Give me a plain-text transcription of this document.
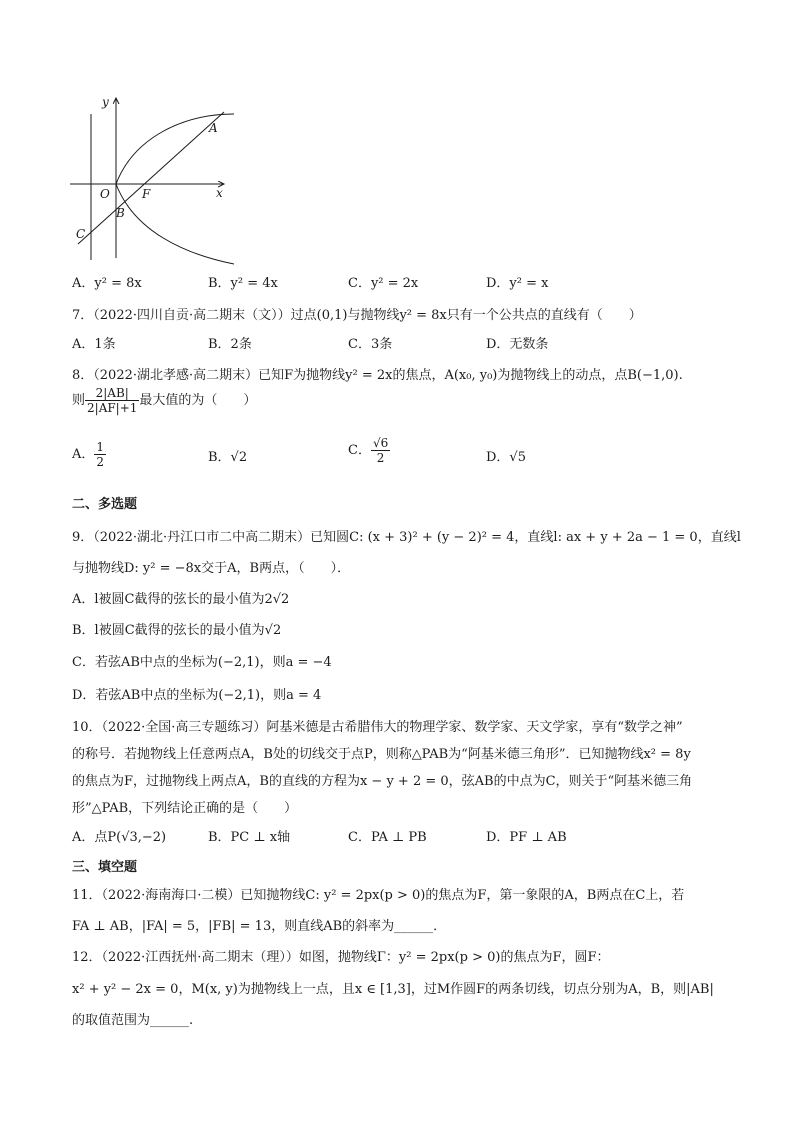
y
x
O	F
A
B
C
A．y² = 8x	B．y² = 4x	C．y² = 2x	D．y² = x
7．（2022·四川自贡·高二期末（文））过点(0,1)与抛物线y² = 8x只有一个公共点的直线有（　　）
A．1条	B．2条	C．3条	D．无数条
8．（2022·湖北孝感·高二期末）已知F为抛物线y² = 2x的焦点，A(x₀, y₀)为抛物线上的动点，点B(−1,0).
则 $\frac{2|AB|}{2|AF|+1}$ 最大值的为（　　）
A． $\frac{1}{2}$	B．√2	C． $\frac{√6}{2}$	D．√5
二、多选题
9．（2022·湖北·丹江口市二中高二期末）已知圆C: (x + 3)² + (y − 2)² = 4，直线l: ax + y + 2a − 1 = 0，直线l
与抛物线D: y² = −8x交于A，B两点，（　　）．
A．l被圆C截得的弦长的最小值为2√2
B．l被圆C截得的弦长的最小值为√2
C．若弦AB中点的坐标为(−2,1)，则a = −4
D．若弦AB中点的坐标为(−2,1)，则a = 4
10．（2022·全国·高三专题练习）阿基米德是古希腊伟大的物理学家、数学家、天文学家，享有“数学之神”
的称号．若抛物线上任意两点A，B处的切线交于点P，则称△PAB为“阿基米德三角形”．已知抛物线x² = 8y
的焦点为F，过抛物线上两点A，B的直线的方程为x − y + 2 = 0，弦AB的中点为C，则关于“阿基米德三角
形”△PAB，下列结论正确的是（　　）
A．点P(√3,−2)	B．PC ⊥ x轴	C．PA ⊥ PB	D．PF ⊥ AB
三、填空题
11．（2022·海南海口·二模）已知抛物线C: y² = 2px(p > 0)的焦点为F，第一象限的A，B两点在C上，若
FA ⊥ AB，|FA| = 5，|FB| = 13，则直线AB的斜率为______．
12．（2022·江西抚州·高二期末（理））如图，抛物线Γ：y² = 2px(p > 0)的焦点为F，圆F：
x² + y² − 2x = 0，M(x, y)为抛物线上一点，且x ∈ [1,3]，过M作圆F的两条切线，切点分别为A，B，则|AB|
的取值范围为______.
